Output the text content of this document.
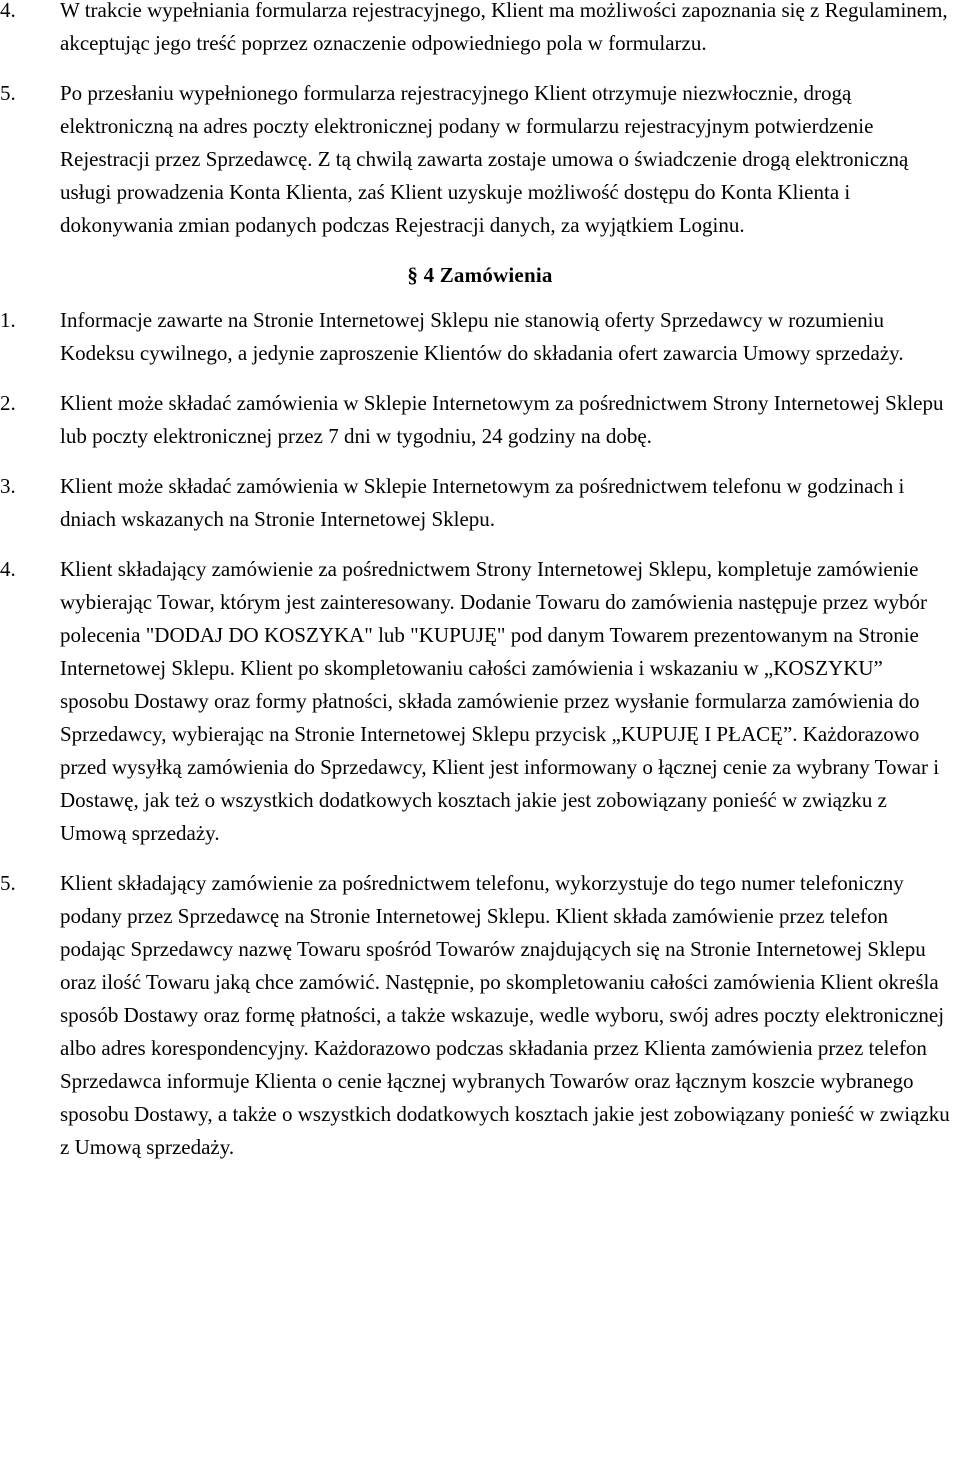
4.	W trakcie wypełniania formularza rejestracyjnego, Klient ma możliwości zapoznania się z Regulaminem, akceptując jego treść poprzez oznaczenie odpowiedniego pola w formularzu.
5.	Po przesłaniu wypełnionego formularza rejestracyjnego Klient otrzymuje niezwłocznie, drogą elektroniczną na adres poczty elektronicznej podany w formularzu rejestracyjnym potwierdzenie Rejestracji przez Sprzedawcę. Z tą chwilą zawarta zostaje umowa o świadczenie drogą elektroniczną usługi prowadzenia Konta Klienta, zaś Klient uzyskuje możliwość dostępu do Konta Klienta i dokonywania zmian podanych podczas Rejestracji danych, za wyjątkiem Loginu.
§ 4 Zamówienia
1.	Informacje zawarte na Stronie Internetowej Sklepu nie stanowią oferty Sprzedawcy w rozumieniu Kodeksu cywilnego, a jedynie zaproszenie Klientów do składania ofert zawarcia Umowy sprzedaży.
2.	Klient może składać zamówienia w Sklepie Internetowym za pośrednictwem Strony Internetowej Sklepu lub poczty elektronicznej przez 7 dni w tygodniu, 24 godziny na dobę.
3.	Klient może składać zamówienia w Sklepie Internetowym za pośrednictwem telefonu w godzinach i dniach wskazanych na Stronie Internetowej Sklepu.
4.	Klient składający zamówienie za pośrednictwem Strony Internetowej Sklepu, kompletuje zamówienie wybierając Towar, którym jest zainteresowany. Dodanie Towaru do zamówienia następuje przez wybór polecenia "DODAJ DO KOSZYKA" lub "KUPUJĘ" pod danym Towarem prezentowanym na Stronie Internetowej Sklepu. Klient po skompletowaniu całości zamówienia i wskazaniu w „KOSZYKU” sposobu Dostawy oraz formy płatności, składa zamówienie przez wysłanie formularza zamówienia do Sprzedawcy, wybierając na Stronie Internetowej Sklepu przycisk „KUPUJĘ I PŁACĘ”. Każdorazowo przed wysyłką zamówienia do Sprzedawcy, Klient jest informowany o łącznej cenie za wybrany Towar i Dostawę, jak też o wszystkich dodatkowych kosztach jakie jest zobowiązany ponieść w związku z Umową sprzedaży.
5.	Klient składający zamówienie za pośrednictwem telefonu, wykorzystuje do tego numer telefoniczny podany przez Sprzedawcę na Stronie Internetowej Sklepu. Klient składa zamówienie przez telefon podając Sprzedawcy nazwę Towaru spośród Towarów znajdujących się na Stronie Internetowej Sklepu oraz ilość Towaru jaką chce zamówić. Następnie, po skompletowaniu całości zamówienia Klient określa sposób Dostawy oraz formę płatności, a także wskazuje, wedle wyboru, swój adres poczty elektronicznej albo adres korespondencyjny. Każdorazowo podczas składania przez Klienta zamówienia przez telefon Sprzedawca informuje Klienta o cenie łącznej wybranych Towarów oraz łącznym koszcie wybranego sposobu Dostawy, a także o wszystkich dodatkowych kosztach jakie jest zobowiązany ponieść w związku z Umową sprzedaży.
